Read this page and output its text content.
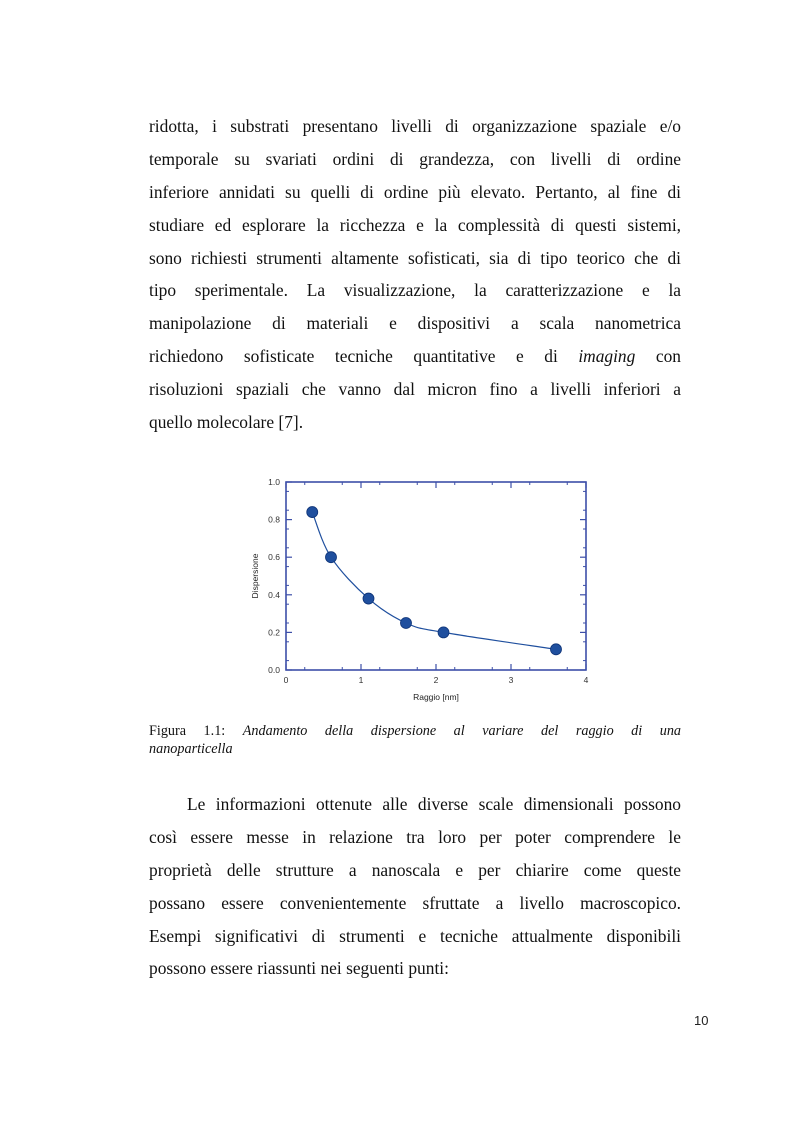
ridotta, i substrati presentano livelli di organizzazione spaziale e/o
temporale su svariati ordini di grandezza, con livelli di ordine
inferiore annidati su quelli di ordine più elevato. Pertanto, al fine di
studiare ed esplorare la ricchezza e la complessità di questi sistemi,
sono richiesti strumenti altamente sofisticati, sia di tipo teorico che di
tipo sperimentale. La visualizzazione, la caratterizzazione e la
manipolazione di materiali e dispositivi a scala nanometrica
richiedono sofisticate tecniche quantitative e di imaging con
risoluzioni spaziali che vanno dal micron fino a livelli inferiori a
quello molecolare [7].
0	1	2	3	4
0.0
0.2
0.4
0.6
0.8
1.0
Raggio [nm]
Dispersione
Figura 1.1: Andamento della dispersione al variare del raggio di una
nanoparticella
Le informazioni ottenute alle diverse scale dimensionali possono
così essere messe in relazione tra loro per poter comprendere le
proprietà delle strutture a nanoscala e per chiarire come queste
possano essere convenientemente sfruttate a livello macroscopico.
Esempi significativi di strumenti e tecniche attualmente disponibili
possono essere riassunti nei seguenti punti:
10
